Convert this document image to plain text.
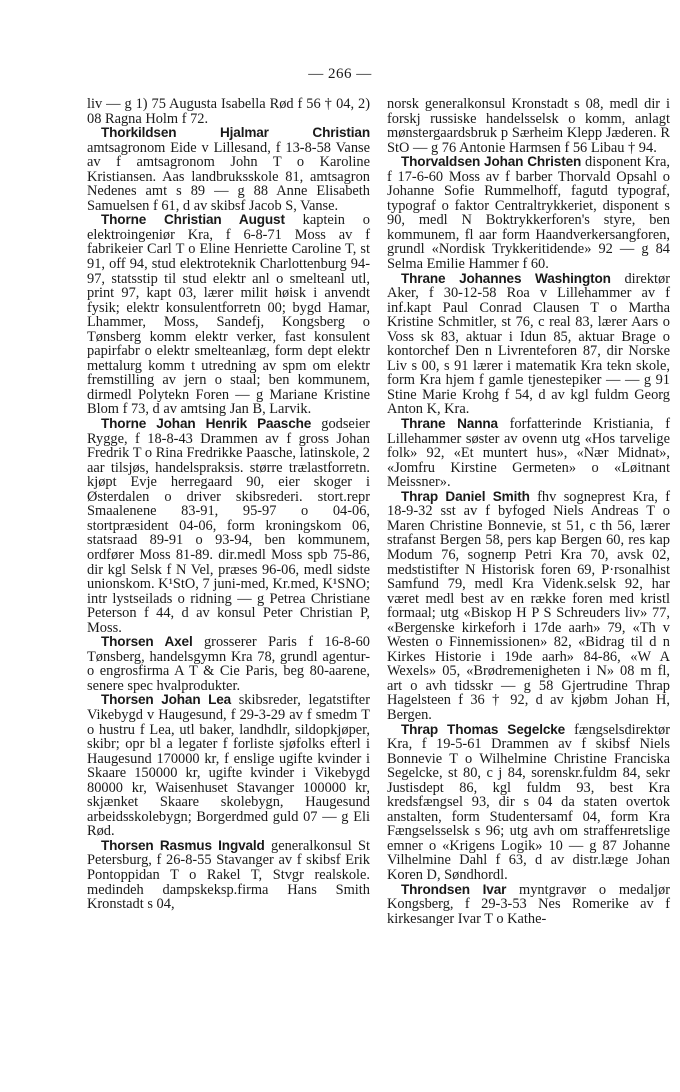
— 266 —

liv — g 1) 75 Augusta Isabella Rød f 56 † 04, 2) 08 Ragna Holm f 72.

Thorkildsen Hjalmar Christian amtsagronom Eide v Lillesand, f 13-8-58 Vanse av f amtsagronom John T o Karoline Kristiansen. Aas landbruksskole 81, amtsagron Nedenes amt s 89 — g 88 Anne Elisabeth Samuelsen f 61, d av skibsf Jacob S, Vanse.

Thorne Christian August kaptein o elektroingeniør Kra, f 6-8-71 Moss av f fabrikeier Carl T o Eline Henriette Caroline T, st 91, off 94, stud elektroteknik Charlottenburg 94-97, statsstip til stud elektr anl o smelteanl utl, print 97, kapt 03, lærer milit høisk i anvendt fysik; elektr konsulentforretn 00; bygd Hamar, Lhammer, Moss, Sandefj, Kongsberg o Tønsberg komm elektr verker, fast konsulent papirfabr o elektr smelteanlæg, form dept elektr mettalurg komm t utredning av spm om elektr fremstilling av jern o staal; ben kommunem, dirmedl Polytekn Foren — g Mariane Kristine Blom f 73, d av amtsing Jan B, Larvik.

Thorne Johan Henrik Paasche godseier Rygge, f 18-8-43 Drammen av f gross Johan Fredrik T o Rina Fredrikke Paasche, latinskole, 2 aar tilsjøs, handelspraksis. større trælastforretn. kjøpt Evje herregaard 90, eier skoger i Østerdalen o driver skibsrederi. stort.repr Smaalenene 83-91, 95-97 o 04-06, stortpræsident 04-06, form kroningskom 06, statsraad 89-91 o 93-94, ben kommunem, ordfører Moss 81-89. dir.medl Moss spb 75-86, dir kgl Selsk f N Vel, præses 96-06, medl sidste unionskom. K¹StO, 7 juni-med, Kr.med, K¹SNO; intr lystseilads o ridning — g Petrea Christiane Peterson f 44, d av konsul Peter Christian P, Moss.

Thorsen Axel grosserer Paris f 16-8-60 Tønsberg, handelsgymn Kra 78, grundl agentur- o engrosfirma A T & Cie Paris, beg 80-aarene, senere spec hvalprodukter.

Thorsen Johan Lea skibsreder, legatstifter Vikebygd v Haugesund, f 29-3-29 av f smedm T o hustru f Lea, utl baker, landhdlr, sildopkjøper, skibr; opr bl a legater f forliste sjøfolks efterl i Haugesund 170000 kr, f enslige ugifte kvinder i Skaare 150000 kr, ugifte kvinder i Vikebygd 80000 kr, Waisenhuset Stavanger 100000 kr, skjænket Skaare skolebygn, Haugesund arbeidsskolebygn; Borgerdmed guld 07 — g Eli Rød.

Thorsen Rasmus Ingvald generalkonsul St Petersburg, f 26-8-55 Stavanger av f skibsf Erik Pontoppidan T o Rakel T, Stvgr realskole. medindeh dampskeksp.firma Hans Smith Kronstadt s 04,

norsk generalkonsul Kronstadt s 08, medl dir i forskj russiske handelsselsk o komm, anlagt mønstergaardsbruk p Særheim Klepp Jæderen. R StO — g 76 Antonie Harmsen f 56 Libau † 94.

Thorvaldsen Johan Christen disponent Kra, f 17-6-60 Moss av f barber Thorvald Opsahl o Johanne Sofie Rummelhoff, fagutd typograf, typograf o faktor Centraltrykkeriet, disponent s 90, medl N Boktrykkerforen's styre, ben kommunem, fl aar form Haandverkersangforen, grundl «Nordisk Trykkeritidende» 92 — g 84 Selma Emilie Hammer f 60.

Thrane Johannes Washington direktør Aker, f 30-12-58 Roa v Lillehammer av f inf.kapt Paul Conrad Clausen T o Martha Kristine Schmitler, st 76, c real 83, lærer Aars o Voss sk 83, aktuar i Idun 85, aktuar Brage o kontorchef Den n Livrenteforen 87, dir Norske Liv s 00, s 91 lærer i matematik Kra tekn skole, form Kra hjem f gamle tjenestepiker — — g 91 Stine Marie Krohg f 54, d av kgl fuldm Georg Anton K, Kra.

Thrane Nanna forfatterinde Kristiania, f Lillehammer søster av ovenn utg «Hos tarvelige folk» 92, «Et muntert hus», «Nær Midnat», «Jomfru Kirstine Germeten» o «Løitnant Meissner».

Thrap Daniel Smith fhv sogneprest Kra, f 18-9-32 sst av f byfoged Niels Andreas T o Maren Christine Bonnevie, st 51, c th 56, lærer strafanst Bergen 58, pers kap Bergen 60, res kap Modum 76, sogneпр Petri Kra 70, avsk 02, medstistifter N Historisk foren 69, P·rsonalhist Samfund 79, medl Kra Videnk.selsk 92, har været medl best av en række foren med kristl formaal; utg «Biskop H P S Schreuders liv» 77, «Bergenske kirkeforh i 17de aarh» 79, «Th v Westen o Finnemissionen» 82, «Bidrag til d n Kirkes Historie i 19de aarh» 84-86, «W A Wexels» 05, «Brødremenigheten i N» 08 m fl, art o avh tidsskr — g 58 Gjertrudine Thrap Hagelsteen f 36 † 92, d av kjøbm Johan H, Bergen.

Thrap Thomas Segelcke fængselsdirektør Kra, f 19-5-61 Drammen av f skibsf Niels Bonnevie T o Wilhelmine Christine Franciska Segelcke, st 80, c j 84, sorenskr.fuldm 84, sekr Justisdept 86, kgl fuldm 93, best Kra kredsfængsel 93, dir s 04 da staten overtok anstalten, form Studentersamf 04, form Kra Fængselsselsk s 96; utg avh om straffeнretslige emner o «Krigens Logik» 10 — g 87 Johanne Vilhelmine Dahl f 63, d av distr.læge Johan Koren D, Søndhordl.

Throndsen Ivar myntgravør o medaljør Kongsberg, f 29-3-53 Nes Romerike av f kirkesanger Ivar T o Kathe-
